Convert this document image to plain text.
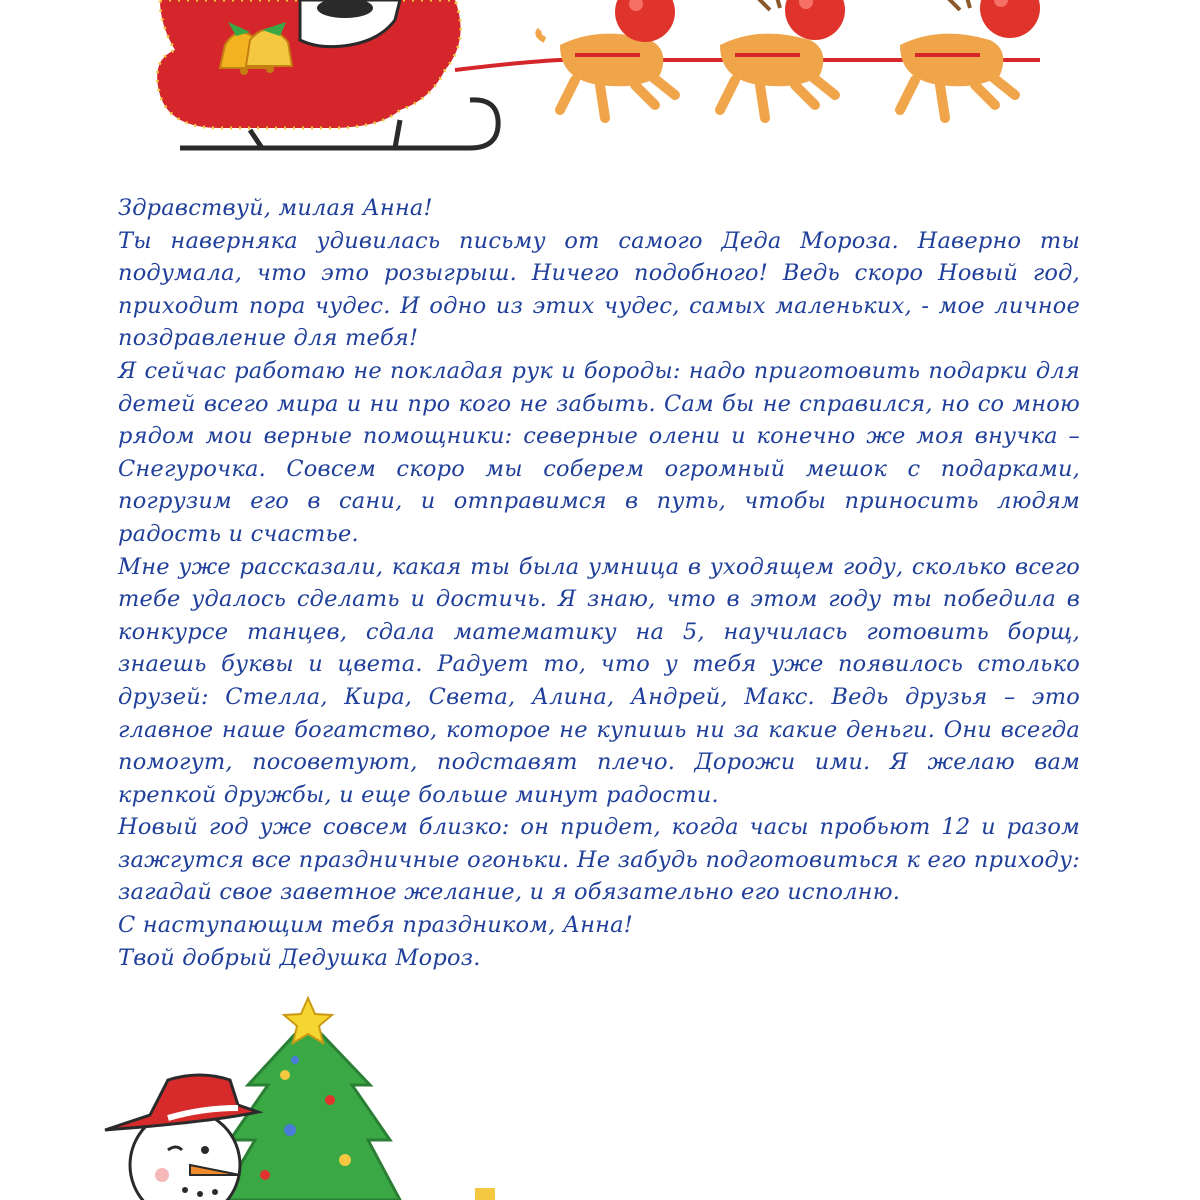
Здравствуй, милая Анна!

Ты наверняка удивилась письму от самого Деда Мороза. Наверно ты подумала, что это розыгрыш. Ничего подобного! Ведь скоро Новый год, приходит пора чудес. И одно из этих чудес, самых маленьких, - мое личное поздравление для тебя!

Я сейчас работаю не покладая рук и бороды: надо приготовить подарки для детей всего мира и ни про кого не забыть. Сам бы не справился, но со мною рядом мои верные помощники: северные олени и конечно же моя внучка – Снегурочка. Совсем скоро мы соберем огромный мешок с подарками, погрузим его в сани, и отправимся в путь, чтобы приносить людям радость и счастье.

Мне уже рассказали, какая ты была умница в уходящем году, сколько всего тебе удалось сделать и достичь. Я знаю, что в этом году ты победила в конкурсе танцев, сдала математику на 5, научилась готовить борщ, знаешь буквы и цвета. Радует то, что у тебя уже появилось столько друзей: Стелла, Кира, Света, Алина, Андрей, Макс. Ведь друзья – это главное наше богатство, которое не купишь ни за какие деньги. Они всегда помогут, посоветуют, подставят плечо. Дорожи ими. Я желаю вам крепкой дружбы, и еще больше минут радости.

Новый год уже совсем близко: он придет, когда часы пробьют 12 и разом зажгутся все праздничные огоньки. Не забудь подготовиться к его приходу: загадай свое заветное желание, и я обязательно его исполню.

С наступающим тебя праздником, Анна!

Твой добрый Дедушка Мороз.
